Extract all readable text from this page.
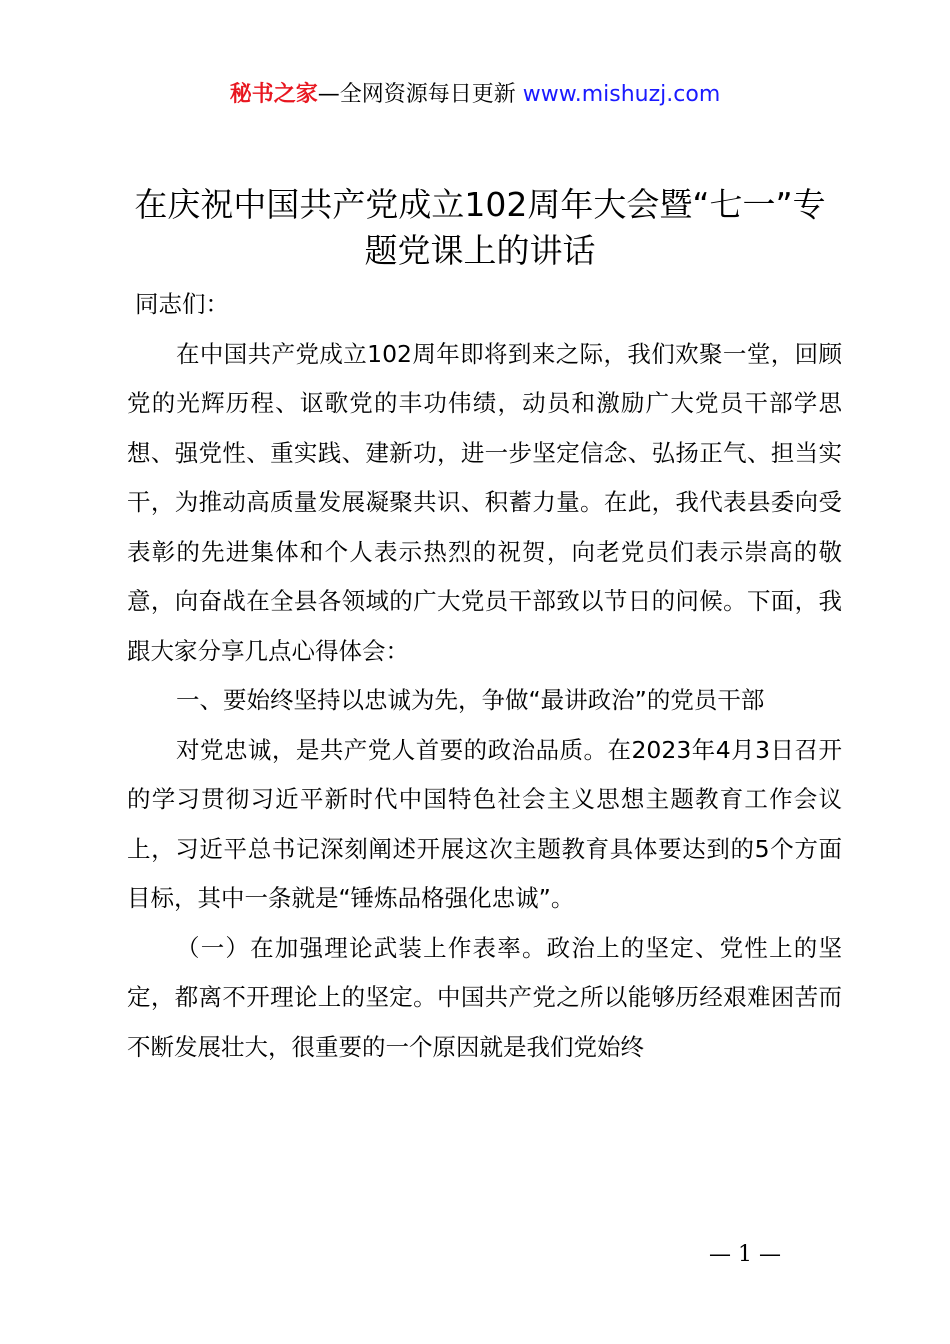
秘书之家—全网资源每日更新 www.mishuzj.com
在庆祝中国共产党成立102周年大会暨“七一”专题党课上的讲话

同志们：

在中国共产党成立102周年即将到来之际，我们欢聚一堂，回顾党的光辉历程、讴歌党的丰功伟绩，动员和激励广大党员干部学思想、强党性、重实践、建新功，进一步坚定信念、弘扬正气、担当实干，为推动高质量发展凝聚共识、积蓄力量。在此，我代表县委向受表彰的先进集体和个人表示热烈的祝贺，向老党员们表示崇高的敬意，向奋战在全县各领域的广大党员干部致以节日的问候。下面，我跟大家分享几点心得体会：

一、要始终坚持以忠诚为先，争做“最讲政治”的党员干部

对党忠诚，是共产党人首要的政治品质。在2023年4月3日召开的学习贯彻习近平新时代中国特色社会主义思想主题教育工作会议上，习近平总书记深刻阐述开展这次主题教育具体要达到的5个方面目标，其中一条就是“锤炼品格强化忠诚”。

（一）在加强理论武装上作表率。政治上的坚定、党性上的坚定，都离不开理论上的坚定。中国共产党之所以能够历经艰难困苦而不断发展壮大，很重要的一个原因就是我们党始终

— 1 —
